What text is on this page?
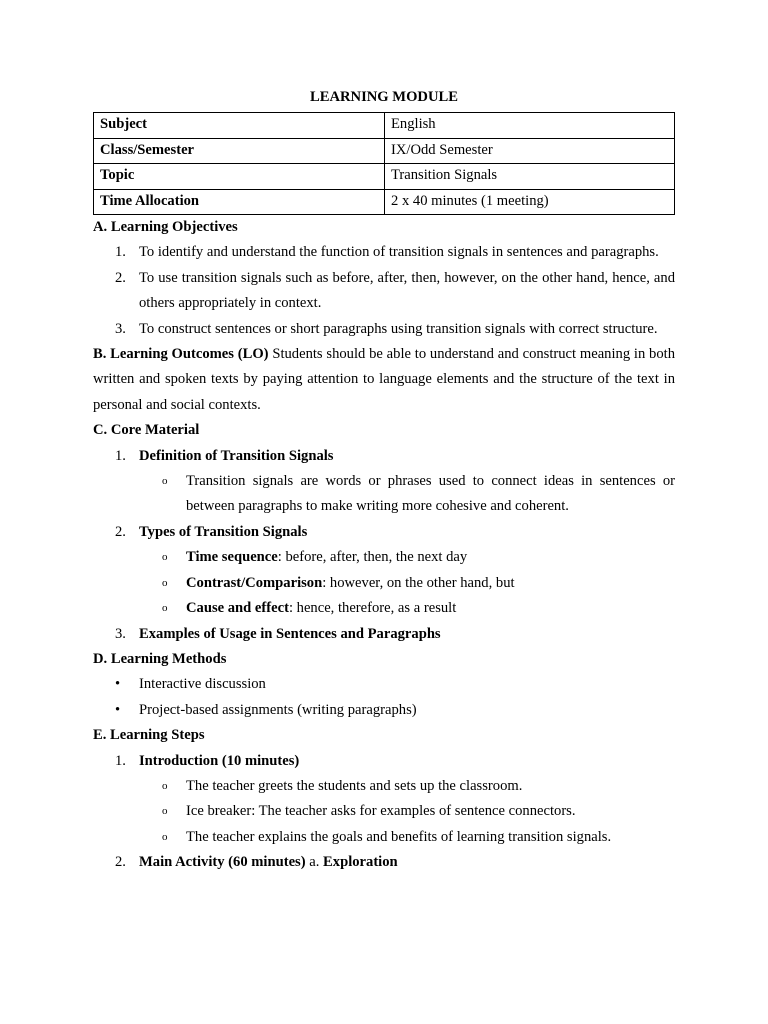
LEARNING MODULE
Subject	English
Class/Semester	IX/Odd Semester
Topic	Transition Signals
Time Allocation	2 x 40 minutes (1 meeting)
A. Learning Objectives
1. To identify and understand the function of transition signals in sentences and paragraphs.
2. To use transition signals such as before, after, then, however, on the other hand, hence, and others appropriately in context.
3. To construct sentences or short paragraphs using transition signals with correct structure.
B. Learning Outcomes (LO) Students should be able to understand and construct meaning in both written and spoken texts by paying attention to language elements and the structure of the text in personal and social contexts.
C. Core Material
1. Definition of Transition Signals
o Transition signals are words or phrases used to connect ideas in sentences or between paragraphs to make writing more cohesive and coherent.
2. Types of Transition Signals
o Time sequence: before, after, then, the next day
o Contrast/Comparison: however, on the other hand, but
o Cause and effect: hence, therefore, as a result
3. Examples of Usage in Sentences and Paragraphs
D. Learning Methods
• Interactive discussion
• Project-based assignments (writing paragraphs)
E. Learning Steps
1. Introduction (10 minutes)
o The teacher greets the students and sets up the classroom.
o Ice breaker: The teacher asks for examples of sentence connectors.
o The teacher explains the goals and benefits of learning transition signals.
2. Main Activity (60 minutes) a. Exploration
